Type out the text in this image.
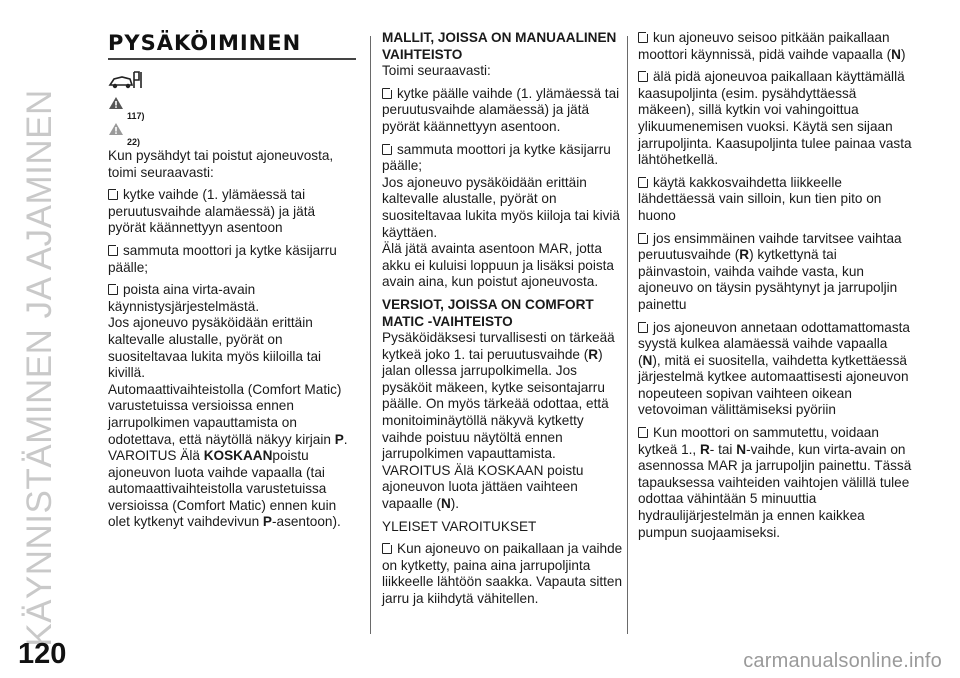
KÄYNNISTÄMINEN JA AJAMINEN
120	carmanualsonline.info
PYSÄKÖIMINEN
117)
22)
Kun pysähdyt tai poistut ajoneuvosta, toimi seuraavasti:
kytke vaihde (1. ylämäessä tai peruutusvaihde alamäessä) ja jätä pyörät käännettyyn asentoon
sammuta moottori ja kytke käsijarru päälle;
poista aina virta-avain käynnistysjärjestelmästä.
Jos ajoneuvo pysäköidään erittäin kaltevalle alustalle, pyörät on suositeltavaa lukita myös kiiloilla tai kivillä.
Automaattivaihteistolla (Comfort Matic) varustetuissa versioissa ennen jarrupolkimen vapauttamista on odotettava, että näytöllä näkyy kirjain P.
VAROITUS Älä KOSKAANpoistu ajoneuvon luota vaihde vapaalla (tai automaattivaihteistolla varustetuissa versioissa (Comfort Matic) ennen kuin olet kytkenyt vaihdevivun P-asentoon).
MALLIT, JOISSA ON MANUAALINEN VAIHTEISTO
Toimi seuraavasti:
kytke päälle vaihde (1. ylämäessä tai peruutusvaihde alamäessä) ja jätä pyörät käännettyyn asentoon.
sammuta moottori ja kytke käsijarru päälle;
Jos ajoneuvo pysäköidään erittäin kaltevalle alustalle, pyörät on suositeltavaa lukita myös kiiloja tai kiviä käyttäen.
Älä jätä avainta asentoon MAR, jotta akku ei kuluisi loppuun ja lisäksi poista avain aina, kun poistut ajoneuvosta.
VERSIOT, JOISSA ON COMFORT MATIC -VAIHTEISTO
Pysäköidäksesi turvallisesti on tärkeää kytkeä joko 1. tai peruutusvaihde (R) jalan ollessa jarrupolkimella. Jos pysäköit mäkeen, kytke seisontajarru päälle. On myös tärkeää odottaa, että monitoiminäytöllä näkyvä kytketty vaihde poistuu näytöltä ennen jarrupolkimen vapauttamista.
VAROITUS Älä KOSKAAN poistu ajoneuvon luota jättäen vaihteen vapaalle (N).
YLEISET VAROITUKSET
Kun ajoneuvo on paikallaan ja vaihde on kytketty, paina aina jarrupoljinta liikkeelle lähtöön saakka. Vapauta sitten jarru ja kiihdytä vähitellen.
kun ajoneuvo seisoo pitkään paikallaan moottori käynnissä, pidä vaihde vapaalla (N)
älä pidä ajoneuvoa paikallaan käyttämällä kaasupoljinta (esim. pysähdyttäessä mäkeen), sillä kytkin voi vahingoittua ylikuumenemisen vuoksi. Käytä sen sijaan jarrupoljinta. Kaasupoljinta tulee painaa vasta lähtöhetkellä.
käytä kakkosvaihdetta liikkeelle lähdettäessä vain silloin, kun tien pito on huono
jos ensimmäinen vaihde tarvitsee vaihtaa peruutusvaihde (R) kytkettynä tai päinvastoin, vaihda vaihde vasta, kun ajoneuvo on täysin pysähtynyt ja jarrupoljin painettu
jos ajoneuvon annetaan odottamattomasta syystä kulkea alamäessä vaihde vapaalla (N), mitä ei suositella, vaihdetta kytkettäessä järjestelmä kytkee automaattisesti ajoneuvon nopeuteen sopivan vaihteen oikean vetovoiman välittämiseksi pyöriin
Kun moottori on sammutettu, voidaan kytkeä 1., R- tai N-vaihde, kun virta-avain on asennossa MAR ja jarrupoljin painettu. Tässä tapauksessa vaihteiden vaihtojen välillä tulee odottaa vähintään 5 minuuttia hydraulijärjestelmän ja ennen kaikkea pumpun suojaamiseksi.
